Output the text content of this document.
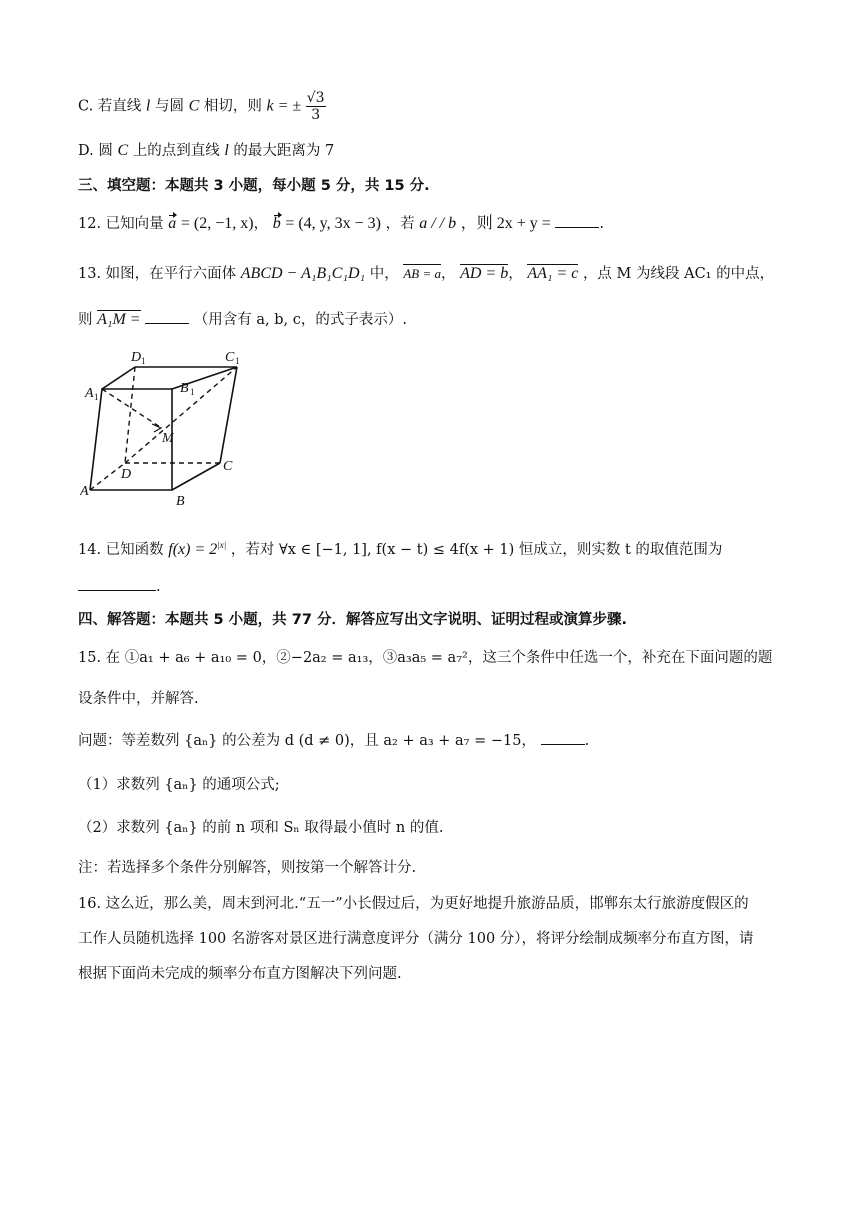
C. 若直线 l 与圆 C 相切，则 k = ± $\frac{√3}{3}$
D. 圆 C 上的点到直线 l 的最大距离为 7
三、填空题：本题共 3 小题，每小题 5 分，共 15 分.
12. 已知向量 a = (2, −1, x)， b = (4, y, 3x − 3) ，若 a / / b ，则 2x + y =	.
13. 如图，在平行六面体 ABCD − A₁B₁C₁D₁ 中， AB = a， AD = b， AA₁ = c ，点 M 为线段 AC₁ 的中点，
则 A₁M =	（用含有 a, b, c，的式子表示）.
A
B
C
D
A 1
B 1
C 1
D 1
M
14. 已知函数 $f(x) = 2^{|x|}$ ，若对 ∀x ∈ [−1, 1], f(x − t) ≤ 4f(x + 1) 恒成立，则实数 t 的取值范围为
.
四、解答题：本题共 5 小题，共 77 分．解答应写出文字说明、证明过程或演算步骤.
15. 在 ①a₁ + a₆ + a₁₀ = 0，②−2a₂ = a₁₃，③a₃a₅ = a₇²，这三个条件中任选一个，补充在下面问题的题
设条件中，并解答.
问题：等差数列 {aₙ} 的公差为 d (d ≠ 0)，且 a₂ + a₃ + a₇ = −15，	.
（1）求数列 {aₙ} 的通项公式;
（2）求数列 {aₙ} 的前 n 项和 Sₙ 取得最小值时 n 的值.
注：若选择多个条件分别解答，则按第一个解答计分.
16. 这么近，那么美，周末到河北.“五一”小长假过后，为更好地提升旅游品质，邯郸东太行旅游度假区的
工作人员随机选择 100 名游客对景区进行满意度评分（满分 100 分），将评分绘制成频率分布直方图，请
根据下面尚未完成的频率分布直方图解决下列问题.
